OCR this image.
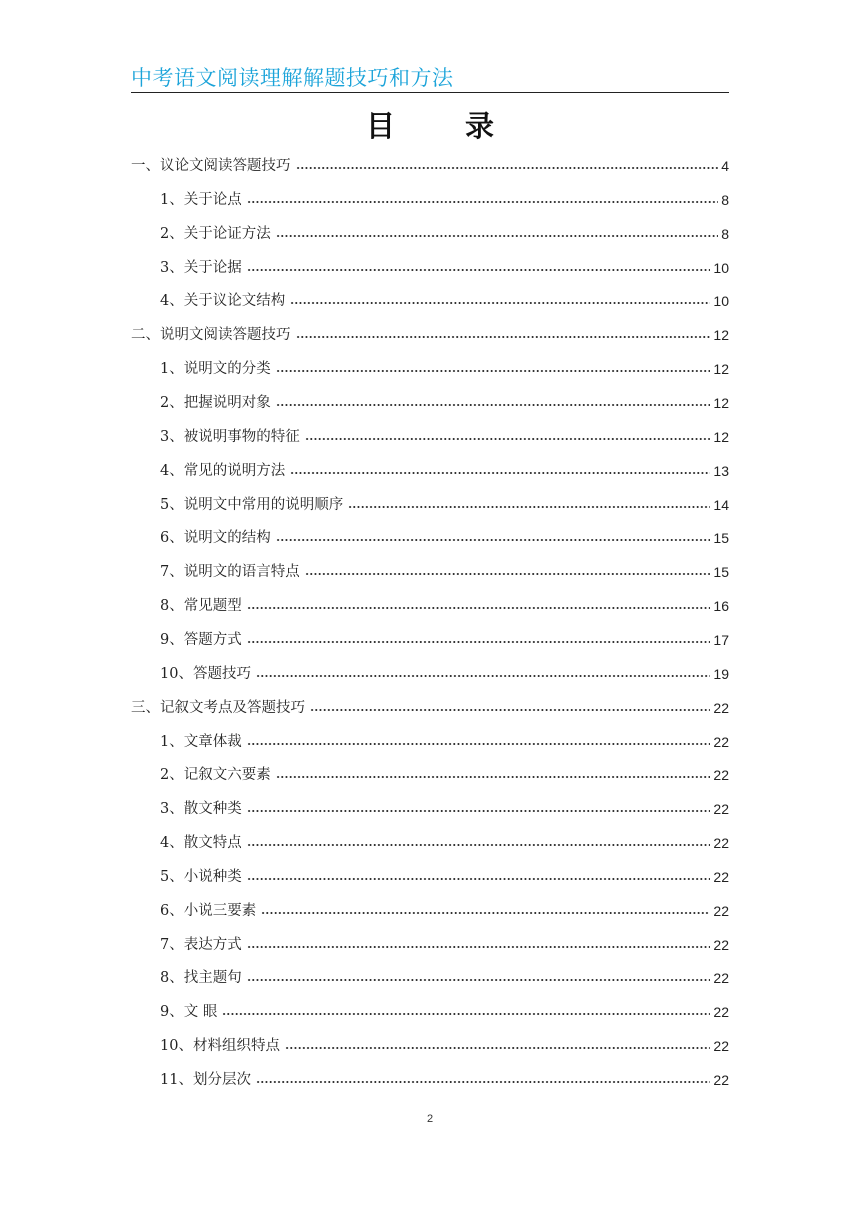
中考语文阅读理解解题技巧和方法
目 录
一、议论文阅读答题技巧	4
1、关于论点	8
2、关于论证方法	8
3、关于论据	10
4、关于议论文结构	10
二、说明文阅读答题技巧	12
1、说明文的分类	12
2、把握说明对象	12
3、被说明事物的特征	12
4、常见的说明方法	13
5、说明文中常用的说明顺序	14
6、说明文的结构	15
7、说明文的语言特点	15
8、常见题型	16
9、答题方式	17
10、答题技巧	19
三、记叙文考点及答题技巧	22
1、文章体裁	22
2、记叙文六要素	22
3、散文种类	22
4、散文特点	22
5、小说种类	22
6、小说三要素	22
7、表达方式	22
8、找主题句	22
9、文 眼	22
10、材料组织特点	22
11、划分层次	22
2
